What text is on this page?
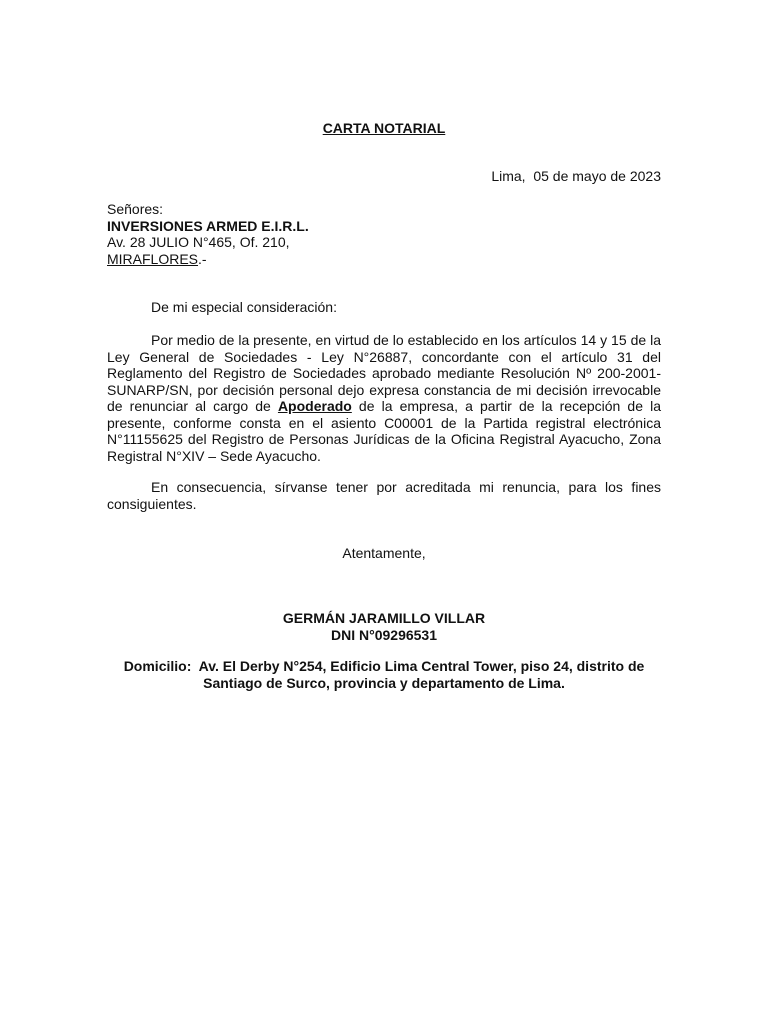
CARTA NOTARIAL
Lima,  05 de mayo de 2023
Señores:
INVERSIONES ARMED E.I.R.L.
Av. 28 JULIO N°465, Of. 210,
MIRAFLORES.-
De mi especial consideración:
Por medio de la presente, en virtud de lo establecido en los artículos 14 y 15 de la Ley General de Sociedades - Ley N°26887, concordante con el artículo 31 del Reglamento del Registro de Sociedades aprobado mediante Resolución Nº 200-2001-SUNARP/SN, por decisión personal dejo expresa constancia de mi decisión irrevocable de renunciar al cargo de Apoderado de la empresa, a partir de la recepción de la presente, conforme consta en el asiento C00001 de la Partida registral electrónica N°11155625 del Registro de Personas Jurídicas de la Oficina Registral Ayacucho, Zona Registral N°XIV – Sede Ayacucho.
En consecuencia, sírvanse tener por acreditada mi renuncia, para los fines consiguientes.
Atentamente,
GERMÁN JARAMILLO VILLAR
DNI N°09296531
Domicilio: Av. El Derby N°254, Edificio Lima Central Tower, piso 24, distrito de Santiago de Surco, provincia y departamento de Lima.
